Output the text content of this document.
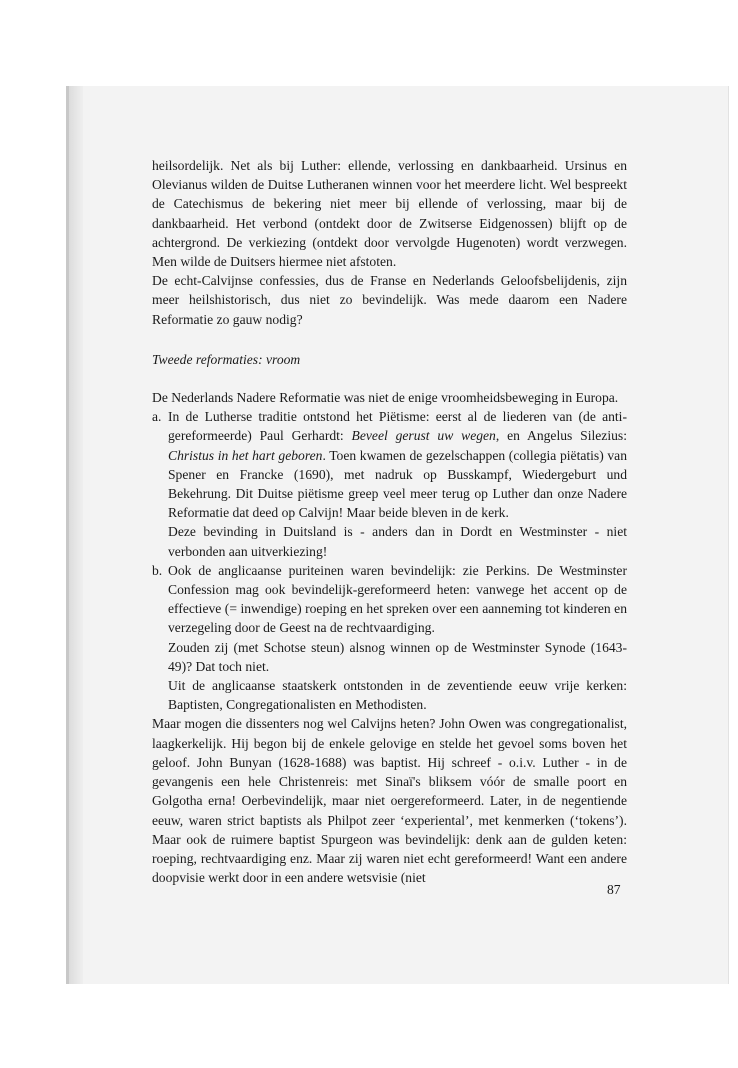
heilsordelijk. Net als bij Luther: ellende, verlossing en dankbaarheid. Ursinus en Olevianus wilden de Duitse Lutheranen winnen voor het meerdere licht. Wel bespreekt de Catechismus de bekering niet meer bij ellende of verlossing, maar bij de dankbaarheid. Het verbond (ontdekt door de Zwitserse Eidgenossen) blijft op de achtergrond. De verkiezing (ontdekt door vervolgde Hugenoten) wordt verzwegen. Men wilde de Duitsers hiermee niet afstoten.

De echt-Calvijnse confessies, dus de Franse en Nederlands Geloofsbelijdenis, zijn meer heilshistorisch, dus niet zo bevindelijk. Was mede daarom een Nadere Reformatie zo gauw nodig?

Tweede reformaties: vroom

De Nederlands Nadere Reformatie was niet de enige vroomheidsbeweging in Europa.

a. In de Lutherse traditie ontstond het Piëtisme: eerst al de liederen van (de anti-gereformeerde) Paul Gerhardt: Beveel gerust uw wegen, en Angelus Silezius: Christus in het hart geboren. Toen kwamen de gezelschappen (collegia piëtatis) van Spener en Francke (1690), met nadruk op Busskampf, Wiedergeburt und Bekehrung. Dit Duitse piëtisme greep veel meer terug op Luther dan onze Nadere Reformatie dat deed op Calvijn! Maar beide bleven in de kerk.

Deze bevinding in Duitsland is - anders dan in Dordt en Westminster - niet verbonden aan uitverkiezing!

b. Ook de anglicaanse puriteinen waren bevindelijk: zie Perkins. De Westminster Confession mag ook bevindelijk-gereformeerd heten: vanwege het accent op de effectieve (= inwendige) roeping en het spreken over een aanneming tot kinderen en verzegeling door de Geest na de rechtvaardiging.

Zouden zij (met Schotse steun) alsnog winnen op de Westminster Synode (1643-49)? Dat toch niet.

Uit de anglicaanse staatskerk ontstonden in de zeventiende eeuw vrije kerken: Baptisten, Congregationalisten en Methodisten.

Maar mogen die dissenters nog wel Calvijns heten? John Owen was congregationalist, laagkerkelijk. Hij begon bij de enkele gelovige en stelde het gevoel soms boven het geloof. John Bunyan (1628-1688) was baptist. Hij schreef - o.i.v. Luther - in de gevangenis een hele Christenreis: met Sinaï's bliksem vóór de smalle poort en Golgotha erna! Oerbevindelijk, maar niet oergereformeerd. Later, in de negentiende eeuw, waren strict baptists als Philpot zeer ‘experiental’, met kenmerken (‘tokens’). Maar ook de ruimere baptist Spurgeon was bevindelijk: denk aan de gulden keten: roeping, rechtvaardiging enz. Maar zij waren niet echt gereformeerd! Want een andere doopvisie werkt door in een andere wetsvisie (niet

87
